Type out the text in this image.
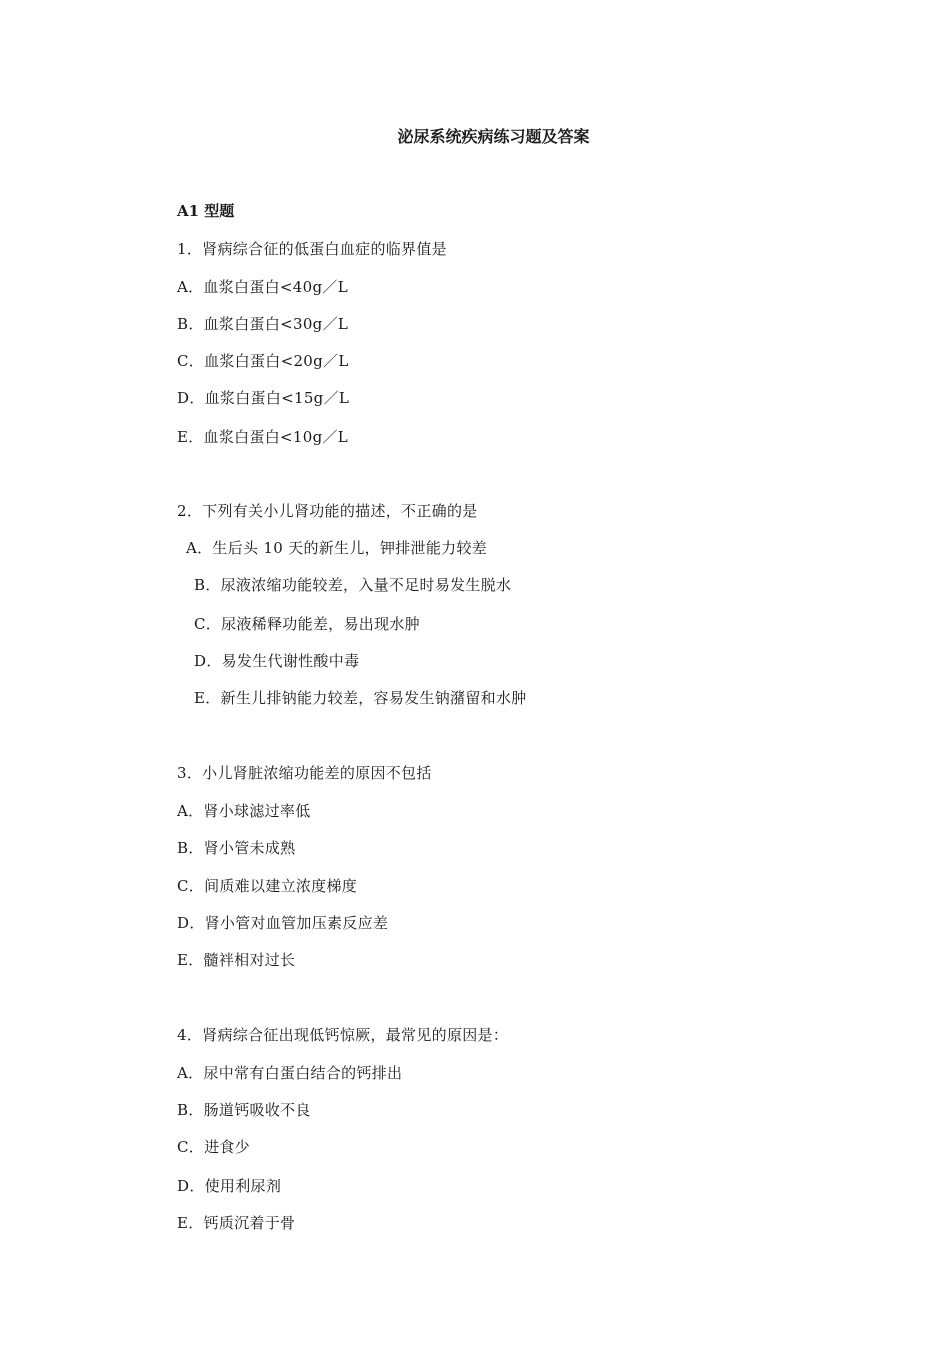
泌尿系统疾病练习题及答案
A1 型题
1．肾病综合征的低蛋白血症的临界值是
A．血浆白蛋白<40g／L
B．血浆白蛋白<30g／L
C．血浆白蛋白<20g／L
D．血浆白蛋白<15g／L
E．血浆白蛋白<10g／L
2．下列有关小儿肾功能的描述，不正确的是
A．生后头 10 天的新生儿，钾排泄能力较差
B．尿液浓缩功能较差，入量不足时易发生脱水
C．尿液稀释功能差，易出现水肿
D．易发生代谢性酸中毒
E．新生儿排钠能力较差，容易发生钠潴留和水肿
3．小儿肾脏浓缩功能差的原因不包括
A．肾小球滤过率低
B．肾小管未成熟
C．间质难以建立浓度梯度
D．肾小管对血管加压素反应差
E．髓袢相对过长
4．肾病综合征出现低钙惊厥，最常见的原因是：
A．尿中常有白蛋白结合的钙排出
B．肠道钙吸收不良
C．进食少
D．使用利尿剂
E．钙质沉着于骨
